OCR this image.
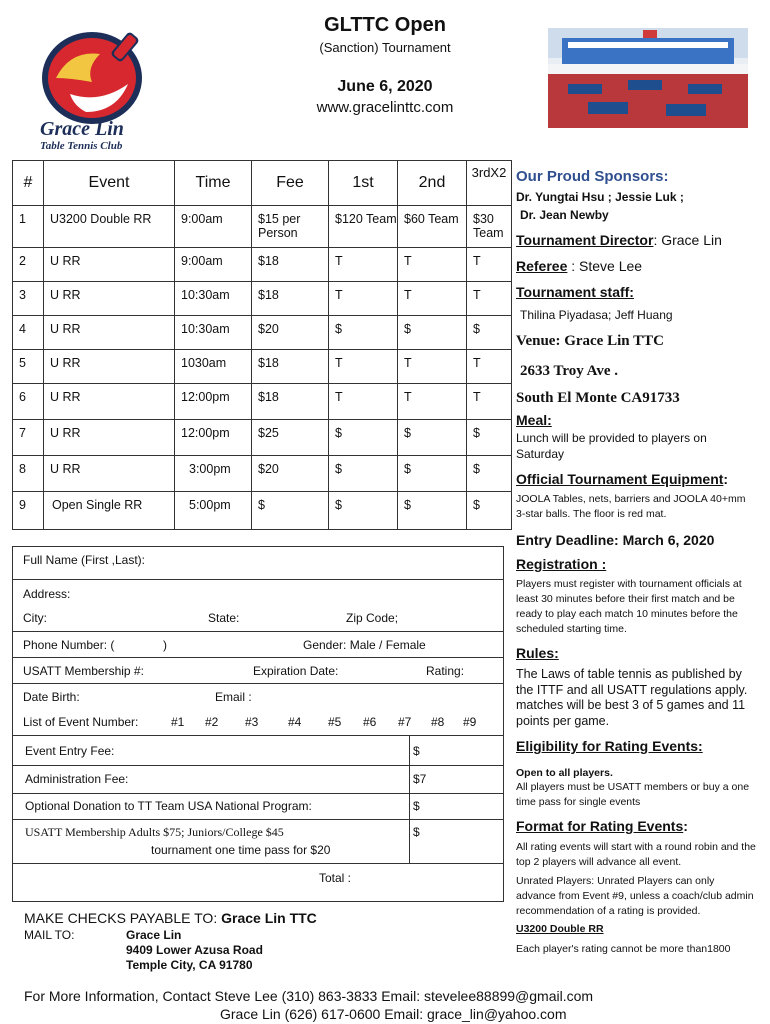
GLTTC Open
(Sanction) Tournament
June 6, 2020
www.gracelinttc.com
Grace Lin
Table Tennis Club
#	Event	Time	Fee	1st	2nd	3rdX2
1	U3200 Double RR	9:00am	$15 per Person	$120 Team	$60 Team	$30 Team
2	U RR	9:00am	$18	T	T	T
3	U RR	10:30am	$18	T	T	T
4	U RR	10:30am	$20	$	$	$
5	U RR	1030am	$18	T	T	T
6	U RR	12:00pm	$18	T	T	T
7	U RR	12:00pm	$25	$	$	$
8	U RR	3:00pm	$20	$	$	$
9	Open Single RR	5:00pm	$	$	$	$
Our Proud Sponsors:
Dr. Yungtai Hsu ; Jessie Luk ;
Dr. Jean Newby
Tournament Director: Grace Lin
Referee : Steve Lee
Tournament staff:
Thilina Piyadasa; Jeff Huang
Venue: Grace Lin TTC
2633 Troy Ave .
South El Monte CA91733
Meal:
Lunch will be provided to players on Saturday
Official Tournament Equipment:
JOOLA Tables, nets, barriers and JOOLA 40+mm 3-star balls. The floor is red mat.
Entry Deadline: March 6, 2020
Registration :
Players must register with tournament officials at least 30 minutes before their first match and be ready to play each match 10 minutes before the scheduled starting time.
Rules:
The Laws of table tennis as published by the ITTF and all USATT regulations apply. matches will be best 3 of 5 games and 11 points per game.
Eligibility for Rating Events:
Open to all players.
All players must be USATT members or buy a one time pass for single events
Format for Rating Events:
All rating events will start with a round robin and the top 2 players will advance all event.
Unrated Players: Unrated Players can only advance from Event #9, unless a coach/club admin recommendation of a rating is provided.
U3200 Double RR
Each player's rating cannot be more than1800
Full Name (First ,Last):
Address:
City:	State:	Zip Code;
Phone Number: (	)	Gender: Male / Female
USATT Membership #:	Expiration Date:	Rating:
Date Birth:	Email :
List of Event Number:	#1 #2 #3 #4 #5 #6 #7 #8 #9
Event Entry Fee:	$
Administration Fee:	$7
Optional Donation to TT Team USA National Program:	$
USATT Membership Adults $75; Juniors/College $45
tournament one time pass for $20
$
Total :
MAKE CHECKS PAYABLE TO: Grace Lin TTC
MAIL TO:	Grace Lin
9409 Lower Azusa Road
Temple City, CA 91780
For More Information, Contact Steve Lee (310) 863-3833 Email: stevelee88899@gmail.com
Grace Lin (626) 617-0600 Email: grace_lin@yahoo.com
